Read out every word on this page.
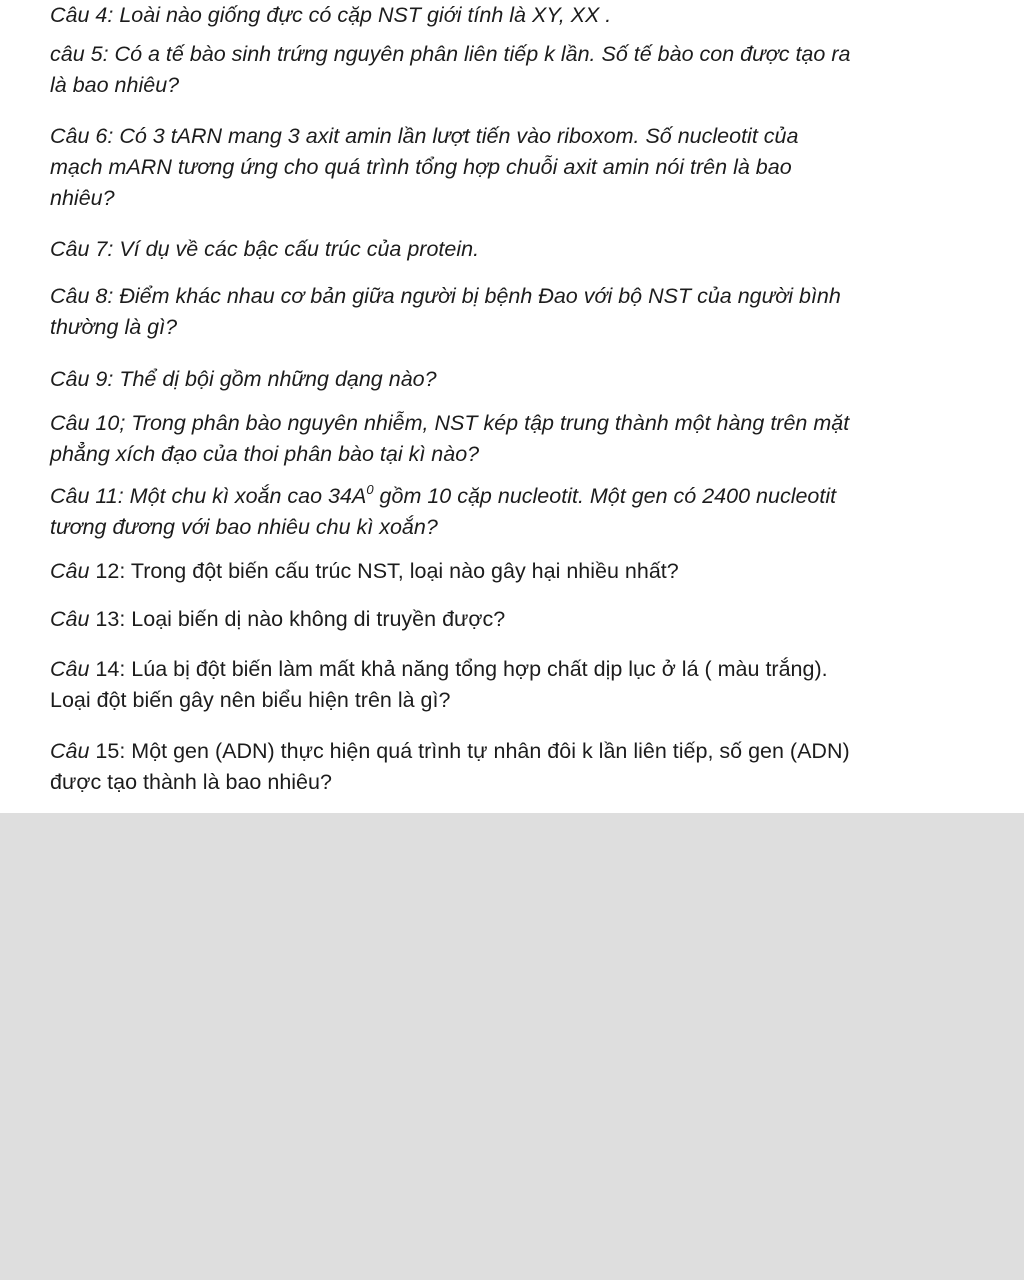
Câu 4: Loài nào giống đực có cặp NST giới tính là XY, XX .

câu 5: Có a tế bào sinh trứng nguyên phân liên tiếp k lần. Số tế bào con được tạo ra
là bao nhiêu?

Câu 6: Có 3 tARN mang 3 axit amin lần lượt tiến vào riboxom. Số nucleotit của
mạch mARN tương ứng cho quá trình tổng hợp chuỗi axit amin nói trên là bao
nhiêu?

Câu 7: Ví dụ về các bậc cấu trúc của protein.

Câu 8: Điểm khác nhau cơ bản giữa người bị bệnh Đao với bộ NST của người bình
thường là gì?

Câu 9: Thể dị bội gồm những dạng nào?

Câu 10; Trong phân bào nguyên nhiễm, NST kép tập trung thành một hàng trên mặt
phẳng xích đạo của thoi phân bào tại kì nào?

Câu 11: Một chu kì xoắn cao $34A^0$ gồm 10 cặp nucleotit. Một gen có 2400 nucleotit
tương đương với bao nhiêu chu kì xoắn?

Câu 12: Trong đột biến cấu trúc NST, loại nào gây hại nhiều nhất?

Câu 13: Loại biến dị nào không di truyền được?

Câu 14: Lúa bị đột biến làm mất khả năng tổng hợp chất dịp lục ở lá ( màu trắng).
Loại đột biến gây nên biểu hiện trên là gì?

Câu 15: Một gen (ADN) thực hiện quá trình tự nhân đôi k lần liên tiếp, số gen (ADN)
được tạo thành là bao nhiêu?
